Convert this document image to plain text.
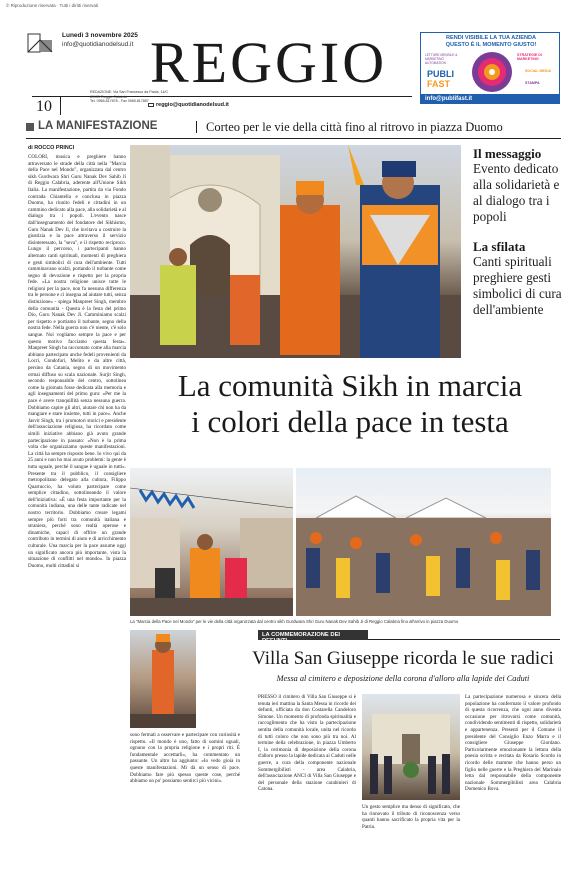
© Riproduzione riservata · Tutti i diritti riservati
Lunedì 3 novembre 2025
info@quotidianodelsud.it REGGIO
10
REDAZIONE: Via San Francesco da Paola, 14/C
89100 Reggio Calabria
Tel. 0965.817878 - Fax 0965.817887
reggio@quotidianodelsud.it
RENDI VISIBILE LA TUA AZIENDA
QUESTO È IL MOMENTO GIUSTO!
LETTURE MENSILE & MARKETING AUTOMATION
PUBLI
FAST
STRATEGIE DI MARKETING
SOCIAL MEDIA
STAMPA
info@publifast.it
LA MANIFESTAZIONE	Corteo per le vie della città fino al ritrovo in piazza Duomo
di ROCCO PRINCI
COLORI, musica e preghiere hanno attraversato le strade della città nella "Marcia della Pace nel Mondo", organizzata dal centro sikh Gurdwara Shri Guru Nanak Dev Sahib Ji di Reggio Calabria, aderente all'Unione Sikh Italia. La manifestazione, partita da via Fondo contrada Chiantella e conclusa in piazza Duomo, ha riunito fedeli e cittadini in un cammino dedicato alla pace, alla solidarietà e al dialogo tra i popoli. L'evento nasce dall'insegnamento del fondatore del Sikhismo, Guru Nanak Dev Ji, che invitava a costruire la giustizia e la pace attraverso il servizio disinteressato, la "seva", e il rispetto reciproco. Lungo il percorso, i partecipanti hanno alternato canti spirituali, momenti di preghiera e gesti simbolici di cura dell'ambiente. Tutti camminavano scalzi, portando il turbante come segno di devozione e rispetto per la propria fede. «La nostra religione unisce tutte le religioni per la pace, non fa nessuna differenza tra le persone e ci insegna ad aiutare tutti, senza distinzione» - spiega Manpreet Singh, membro della comunità - Questa è la festa del primo Dio, Guru Nanak Dev Ji. Camminiamo scalzi per rispetto e portiamo il turbante, segno della nostra fede. Nella guerra non c'è niente, c'è solo sangue. Noi vogliamo sempre la pace e per questo motivo facciamo questa festa». Manpreet Singh ha raccontato come alla marcia abbiano partecipato anche fedeli provenienti da Locri, Condofuri, Melito e da altre città, persino da Catania, segno di un movimento ormai diffuso su scala nazionale. Surjit Singh, secondo responsabile del centro, sottolinea come la giornata fosse dedicata alla memoria e agli insegnamenti del primo guru: «Per me la pace è avere tranquillità senza nessuna guerra. Dobbiamo capire gli altri, aiutare chi non ha da mangiare e stare insieme, tutti in pace». Anche Jasvir Singh, tra i promotori storici e presidente dell'associazione religiosa, ha ricordato come simili iniziative abbiano già avuto grande partecipazione in passato: «Non è la prima volta che organizziamo queste manifestazioni. La città ha sempre risposto bene. Io vivo qui da 25 anni e non ho mai avuto problemi: la gente è tutta uguale, perché il sangue è uguale in tutti». Presente tra il pubblico, il consigliere metropolitano delegato alla cultura, Filippo Quartuccio, ha voluto partecipare come semplice cittadino, sottolineando il valore dell'iniziativa: «È una festa importante per la comunità indiana, una delle tante radicate nel nostro territorio. Dobbiamo creare legami sempre più forti tra comunità italiana e straniera, perché sono realtà operose e dinamiche, capaci di offrire un grande contributo in termini di aiuto e di arricchimento culturale. Una marcia per la pace assume oggi un significato ancora più importante, vista la situazione di conflitti nel mondo». In piazza Duomo, molti cittadini si
Il messaggio
Evento dedicato alla solidarietà e al dialogo tra i popoli
La sfilata
Canti spirituali preghiere gesti simbolici di cura dell'ambiente
La comunità Sikh in marcia
i colori della pace in testa
La "Marcia della Pace nel Mondo" per le vie della città organizzata dal centro sikh Gurdwara Shri Guru Nanak Dev Sahib Ji di Reggio Calabria fino all'arrivo in piazza Duomo
sono fermati a osservare e partecipare con curiosità e rispetto. «Il mondo è uno, fatto di uomini uguali, ognuno con la propria religione e i propri riti. È fondamentale accettarli», ha commentato un passante. Un altro ha aggiunto: «Io vedo gioia in queste manifestazioni. Mi dà un senso di pace. Dobbiamo fare più spesso queste cose, perché abbiamo un po' possiamo sentirci più vicini».
LA COMMEMORAZIONE DEI DEFUNTI
Villa San Giuseppe ricorda le sue radici
Messa al cimitero e deposizione della corona d'alloro alla lapide dei Caduti
PRESSO il cimitero di Villa San Giuseppe si è tenuta ieri mattina la Santa Messa in ricordo dei defunti, officiata da don Costarella Candeloro Simone. Un momento di profonda spiritualità e raccoglimento che ha visto la partecipazione sentita della comunità locale, unita nel ricordo di tutti coloro che non sono più tra noi. Al termine della celebrazione, in piazza Umberto I, la cerimonia di deposizione della corona d'alloro presso la lapide dedicata ai Caduti nelle guerre, a cura della componente nazionale Sommergibilisti - area Calabria, dell'associazione ANCI di Villa San Giuseppe e del personale della stazione carabinieri di Catona.
Un gesto semplice ma denso di significato, che ha rinnovato il tributo di riconoscenza verso quanti hanno sacrificato la propria vita per la Patria.
La partecipazione numerosa e sincera della popolazione ha confermato il valore profondo di questa ricorrenza, che ogni anno diventa occasione per ritrovarsi come comunità, condividendo sentimenti di rispetto, solidarietà e appartenenza. Presenti per il Comune il presidente del Consiglio Enzo Marra e il consigliere Giuseppe Giordano. Particolarmente emozionante la lettura della poesia scritta e recitata da Rosario Scordo in ricordo delle mamme che hanno perso un figlio nelle guerre e la Preghiera del Marinaio letta dal responsabile della componente nazionale Sommergibilisti area Calabria Domenico Bova.
